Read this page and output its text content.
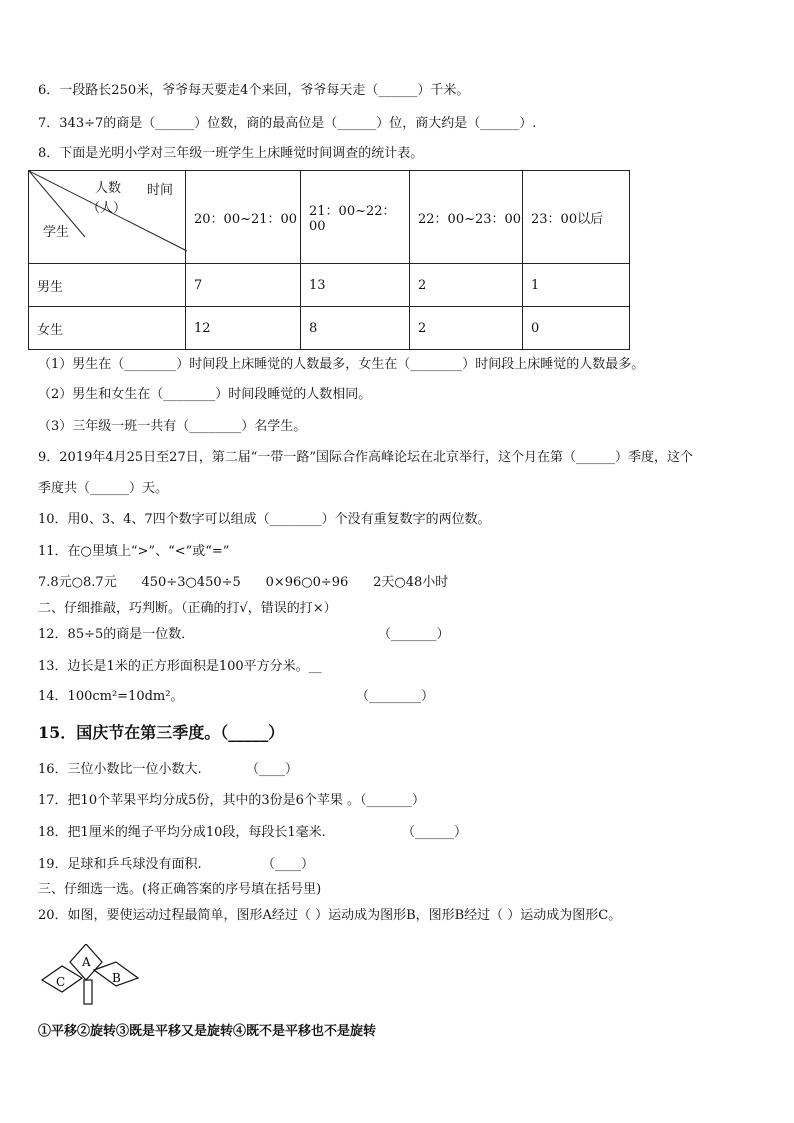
6．一段路长250米，爷爷每天要走4个来回，爷爷每天走（______）千米。
7．343÷7的商是（______）位数，商的最高位是（______）位，商大约是（______）.
8．下面是光明小学对三年级一班学生上床睡觉时间调查的统计表。
时间
人数
（人）
学生	20：00~21：00	21：00~22：00	22：00~23：00	23：00以后
男生	7	13	2	1
女生	12	8	2	0
（1）男生在（________）时间段上床睡觉的人数最多，女生在（________）时间段上床睡觉的人数最多。
（2）男生和女生在（________）时间段睡觉的人数相同。
（3）三年级一班一共有（________）名学生。
9．2019年4月25日至27日，第二届“一带一路”国际合作高峰论坛在北京举行，这个月在第（______）季度，这个
季度共（______）天。
10．用0、3、4、7四个数字可以组成（________）个没有重复数字的两位数。
11．在○里填上“>”、“<”或“=”
7.8元○8.7元      450÷3○450÷5      0×96○0÷96      2天○48小时
二、仔细推敲，巧判断。（正确的打√，错误的打×）
12．85÷5的商是一位数．	（_______）
13．边长是1米的正方形面积是100平方分米。__
14．100cm²=10dm²。	（________）
15．国庆节在第三季度。（_____）
16．三位小数比一位小数大.	（____）
17．把10个苹果平均分成5份，其中的3份是6个苹果 。（_______）
18．把1厘米的绳子平均分成10段，每段长1毫米.	（______）
19．足球和乒乓球没有面积.	（____）
三、仔细选一选。(将正确答案的序号填在括号里)
20．如图，要使运动过程最简单，图形A经过（ ）运动成为图形B，图形B经过（ ）运动成为图形C。
A
B
C
①平移②旋转③既是平移又是旋转④既不是平移也不是旋转
